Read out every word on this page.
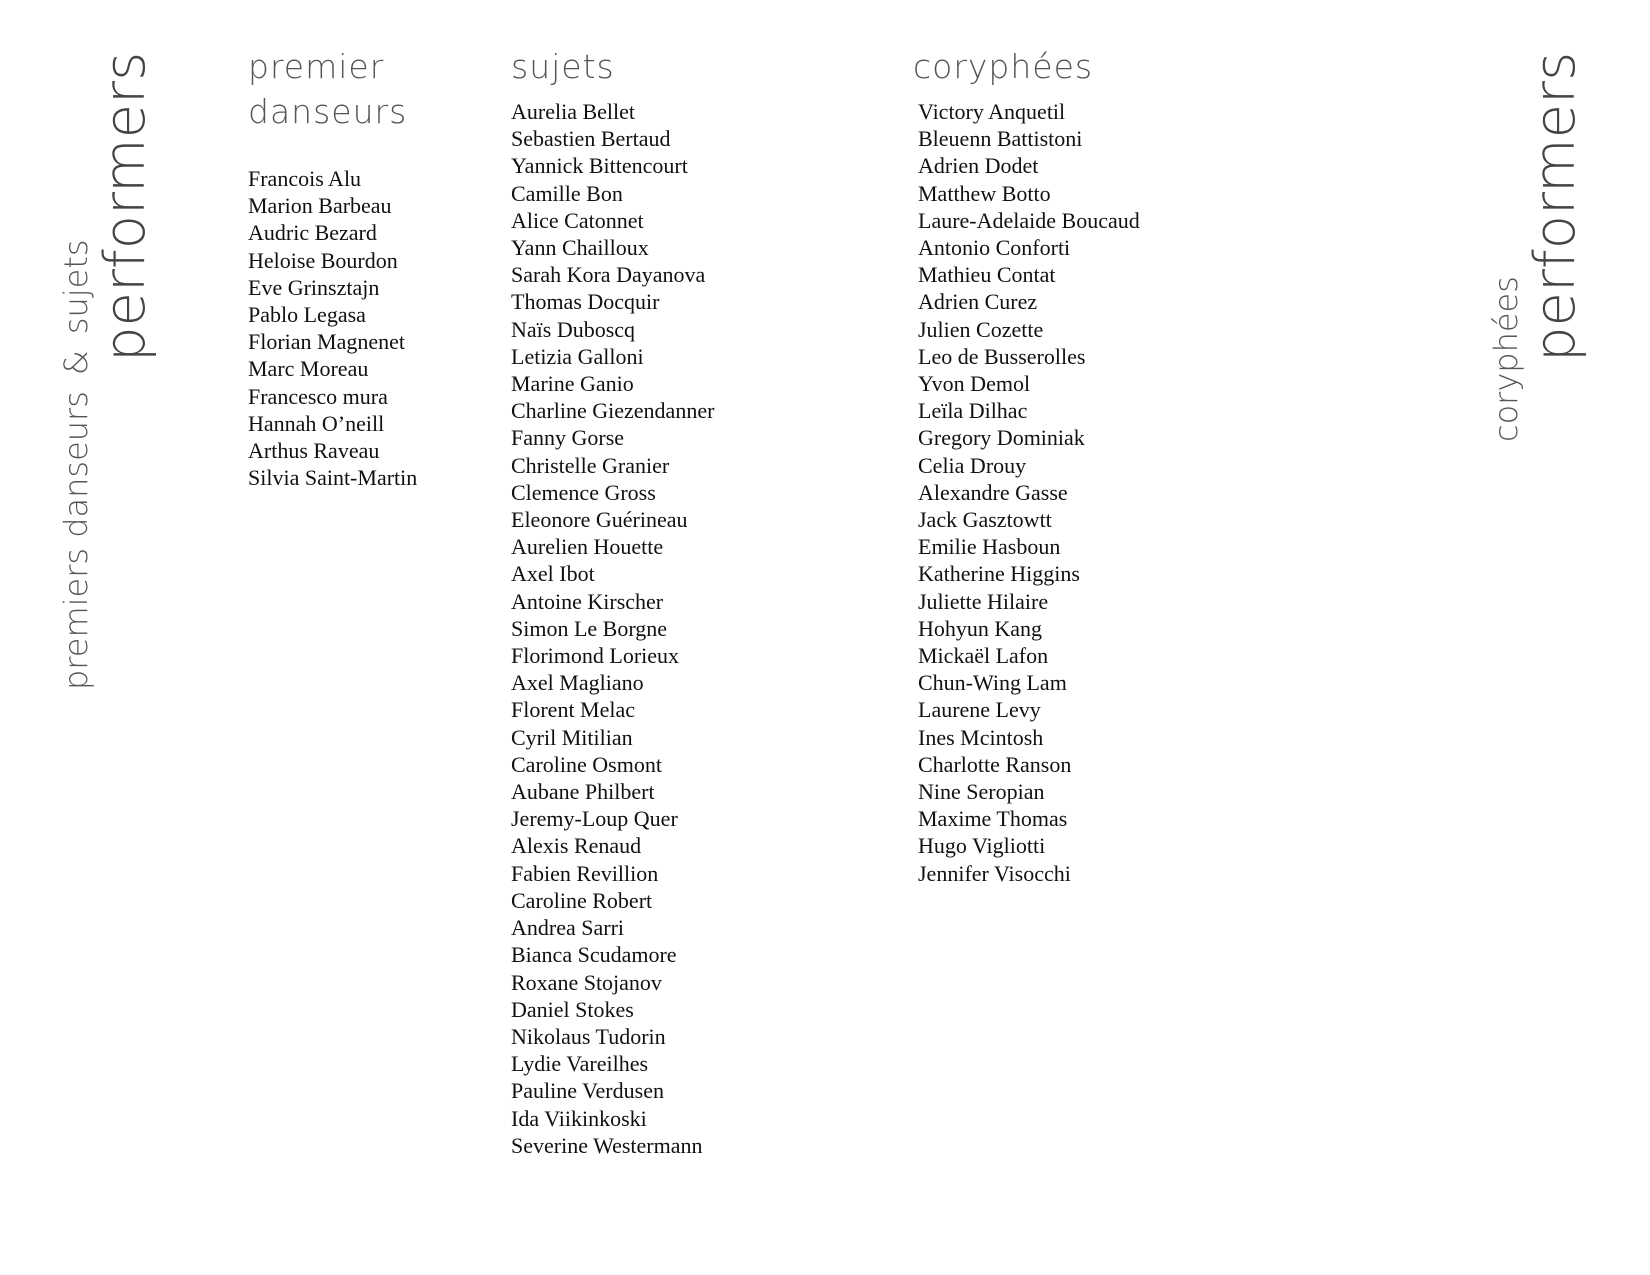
performers
premiers danseurs&sujets	performers
coryphées
premier
danseurs
Francois Alu
Marion Barbeau
Audric Bezard
Heloise Bourdon
Eve Grinsztajn
Pablo Legasa
Florian Magnenet
Marc Moreau
Francesco mura
Hannah O’neill
Arthus Raveau
Silvia Saint-Martin
sujets
Aurelia Bellet
Sebastien Bertaud
Yannick Bittencourt
Camille Bon
Alice Catonnet
Yann Chailloux
Sarah Kora Dayanova
Thomas Docquir
Naïs Duboscq
Letizia Galloni
Marine Ganio
Charline Giezendanner
Fanny Gorse
Christelle Granier
Clemence Gross
Eleonore Guérineau
Aurelien Houette
Axel Ibot
Antoine Kirscher
Simon Le Borgne
Florimond Lorieux
Axel Magliano
Florent Melac
Cyril Mitilian
Caroline Osmont
Aubane Philbert
Jeremy-Loup Quer
Alexis Renaud
Fabien Revillion
Caroline Robert
Andrea Sarri
Bianca Scudamore
Roxane Stojanov
Daniel Stokes
Nikolaus Tudorin
Lydie Vareilhes
Pauline Verdusen
Ida Viikinkoski
Severine Westermann
coryphées
Victory Anquetil
Bleuenn Battistoni
Adrien Dodet
Matthew Botto
Laure-Adelaide Boucaud
Antonio Conforti
Mathieu Contat
Adrien Curez
Julien Cozette
Leo de Busserolles
Yvon Demol
Leïla Dilhac
Gregory Dominiak
Celia Drouy
Alexandre Gasse
Jack Gasztowtt
Emilie Hasboun
Katherine Higgins
Juliette Hilaire
Hohyun Kang
Mickaël Lafon
Chun-Wing Lam
Laurene Levy
Ines Mcintosh
Charlotte Ranson
Nine Seropian
Maxime Thomas
Hugo Vigliotti
Jennifer Visocchi
